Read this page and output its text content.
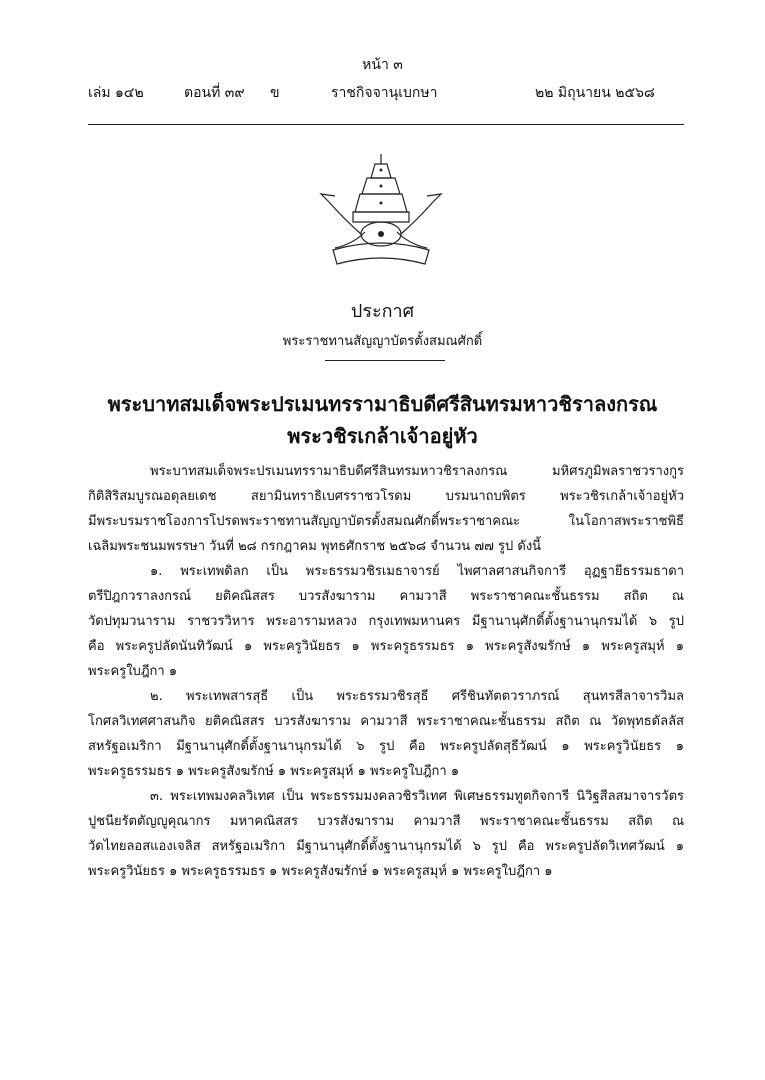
หน้า ๓
เล่ม ๑๔๒	ตอนที่ ๓๙ ข	ราชกิจจานุเบกษา	๒๒ มิถุนายน ๒๕๖๘
ประกาศ
พระราชทานสัญญาบัตรตั้งสมณศักดิ์
พระบาทสมเด็จพระปรเมนทรรามาธิบดีศรีสินทรมหาวชิราลงกรณ
พระวชิรเกล้าเจ้าอยู่หัว
พระบาทสมเด็จพระปรเมนทรรามาธิบดีศรีสินทรมหาวชิราลงกรณ มหิศรภูมิพลราชวรางกูร
กิติสิริสมบูรณอดุลยเดช สยามินทราธิเบศรราชวโรดม บรมนาถบพิตร พระวชิรเกล้าเจ้าอยู่หัว
มีพระบรมราชโองการโปรดพระราชทานสัญญาบัตรตั้งสมณศักดิ์พระราชาคณะ ในโอกาสพระราชพิธี
เฉลิมพระชนมพรรษา วันที่ ๒๘ กรกฎาคม พุทธศักราช ๒๕๖๘ จำนวน ๗๗ รูป ดังนี้
๑. พระเทพดิลก เป็น พระธรรมวชิรเมธาจารย์ ไพศาลศาสนกิจการี อุฏฐายีธรรมธาดา
ตรีปิฎกวราลงกรณ์ ยติคณิสสร บวรสังฆาราม คามวาสี พระราชาคณะชั้นธรรม สถิต ณ
วัดปทุมวนาราม ราชวรวิหาร พระอารามหลวง กรุงเทพมหานคร มีฐานานุศักดิ์ตั้งฐานานุกรมได้ ๖ รูป
คือ พระครูปลัดนันทิวัฒน์ ๑ พระครูวินัยธร ๑ พระครูธรรมธร ๑ พระครูสังฆรักษ์ ๑ พระครูสมุห์ ๑
พระครูใบฎีกา ๑
๒. พระเทพสารสุธี เป็น พระธรรมวชิรสุธี ศรีชินทัตตวราภรณ์ สุนทรสีลาจารวิมล
โกศลวิเทศศาสนกิจ ยติคณิสสร บวรสังฆาราม คามวาสี พระราชาคณะชั้นธรรม สถิต ณ วัดพุทธดัลลัส
สหรัฐอเมริกา มีฐานานุศักดิ์ตั้งฐานานุกรมได้ ๖ รูป คือ พระครูปลัดสุธีวัฒน์ ๑ พระครูวินัยธร ๑
พระครูธรรมธร ๑ พระครูสังฆรักษ์ ๑ พระครูสมุห์ ๑ พระครูใบฎีกา ๑
๓. พระเทพมงคลวิเทศ เป็น พระธรรมมงคลวชิรวิเทศ พิเศษธรรมทูตกิจการี นิวิฐสีลสมาจารวัตร
ปูชนียรัตตัญญูคุณากร มหาคณิสสร บวรสังฆาราม คามวาสี พระราชาคณะชั้นธรรม สถิต ณ
วัดไทยลอสแองเจลิส สหรัฐอเมริกา มีฐานานุศักดิ์ตั้งฐานานุกรมได้ ๖ รูป คือ พระครูปลัดวิเทศวัฒน์ ๑
พระครูวินัยธร ๑ พระครูธรรมธร ๑ พระครูสังฆรักษ์ ๑ พระครูสมุห์ ๑ พระครูใบฎีกา ๑
